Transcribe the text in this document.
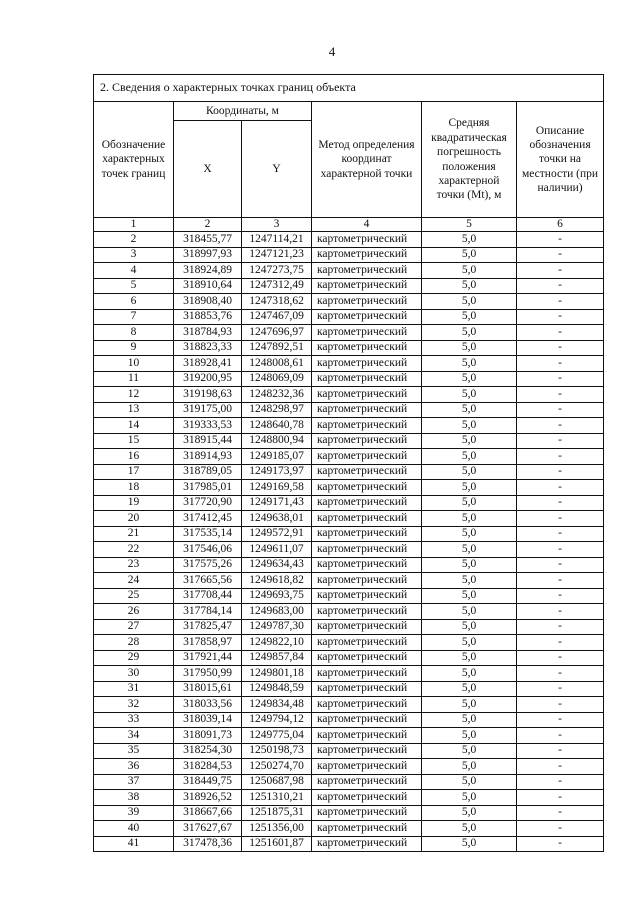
4
2. Сведения о характерных точках границ объекта					
Обозначение характерных точек границ	Координаты, м		Метод определения координат характерной точки	Средняя квадратическая погрешность положения характерной точки (Mt), м	Описание обозначения точки на местности (при наличии)
	X	Y			
1	2	3	4	5	6
2	318455,77	1247114,21	картометрический	5,0	-
3	318997,93	1247121,23	картометрический	5,0	-
4	318924,89	1247273,75	картометрический	5,0	-
5	318910,64	1247312,49	картометрический	5,0	-
6	318908,40	1247318,62	картометрический	5,0	-
7	318853,76	1247467,09	картометрический	5,0	-
8	318784,93	1247696,97	картометрический	5,0	-
9	318823,33	1247892,51	картометрический	5,0	-
10	318928,41	1248008,61	картометрический	5,0	-
11	319200,95	1248069,09	картометрический	5,0	-
12	319198,63	1248232,36	картометрический	5,0	-
13	319175,00	1248298,97	картометрический	5,0	-
14	319333,53	1248640,78	картометрический	5,0	-
15	318915,44	1248800,94	картометрический	5,0	-
16	318914,93	1249185,07	картометрический	5,0	-
17	318789,05	1249173,97	картометрический	5,0	-
18	317985,01	1249169,58	картометрический	5,0	-
19	317720,90	1249171,43	картометрический	5,0	-
20	317412,45	1249638,01	картометрический	5,0	-
21	317535,14	1249572,91	картометрический	5,0	-
22	317546,06	1249611,07	картометрический	5,0	-
23	317575,26	1249634,43	картометрический	5,0	-
24	317665,56	1249618,82	картометрический	5,0	-
25	317708,44	1249693,75	картометрический	5,0	-
26	317784,14	1249683,00	картометрический	5,0	-
27	317825,47	1249787,30	картометрический	5,0	-
28	317858,97	1249822,10	картометрический	5,0	-
29	317921,44	1249857,84	картометрический	5,0	-
30	317950,99	1249801,18	картометрический	5,0	-
31	318015,61	1249848,59	картометрический	5,0	-
32	318033,56	1249834,48	картометрический	5,0	-
33	318039,14	1249794,12	картометрический	5,0	-
34	318091,73	1249775,04	картометрический	5,0	-
35	318254,30	1250198,73	картометрический	5,0	-
36	318284,53	1250274,70	картометрический	5,0	-
37	318449,75	1250687,98	картометрический	5,0	-
38	318926,52	1251310,21	картометрический	5,0	-
39	318667,66	1251875,31	картометрический	5,0	-
40	317627,67	1251356,00	картометрический	5,0	-
41	317478,36	1251601,87	картометрический	5,0	-
